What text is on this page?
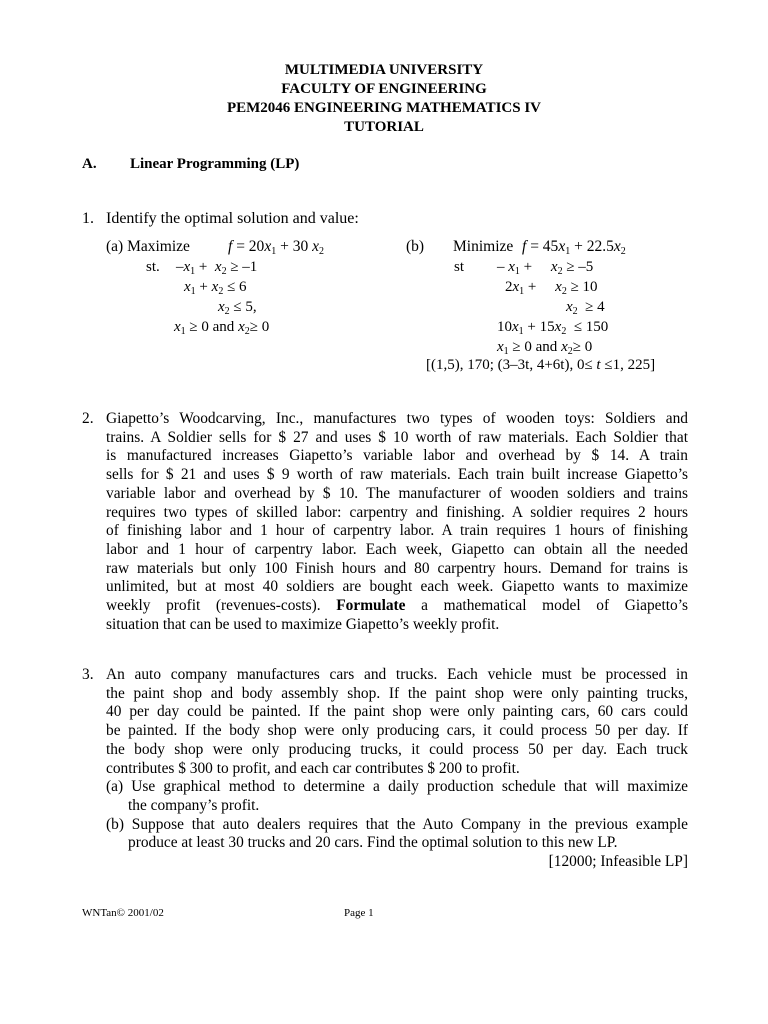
MULTIMEDIA UNIVERSITY
FACULTY OF ENGINEERING
PEM2046 ENGINEERING MATHEMATICS IV
TUTORIAL
A. Linear Programming (LP)
1. Identify the optimal solution and value:
(a) Maximize $f = 20x_1 + 30$ $x_2$
st. $-x_1 + x_2 \ge -1$
$x_1 + x_2 \le 6$
$x_2 \le 5$,
$x_1 \ge 0$ and $x_2\ge 0$
(b) Minimize $f = 45x_1 + 22.5x_2$
st – $x_1$ +     $x_2 \ge -5$
$2x_1$ +     $x_2 \ge 10$
$x_2 \ge 4$
$10x_1 + 15x_2 \le 150$
$x_1 \ge 0$ and $x_2\ge 0$
[(1,5), 170; (3–3t, 4+6t), 0≤ t ≤1, 225]
2. Giapetto’s Woodcarving, Inc., manufactures two types of wooden toys: Soldiers and
trains. A Soldier sells for $ 27 and uses $ 10 worth of raw materials. Each Soldier that
is manufactured increases Giapetto’s variable labor and overhead by $ 14. A train
sells for $ 21 and uses $ 9 worth of raw materials. Each train built increase Giapetto’s
variable labor and overhead by $ 10. The manufacturer of wooden soldiers and trains
requires two types of skilled labor: carpentry and finishing. A soldier requires 2 hours
of finishing labor and 1 hour of carpentry labor. A train requires 1 hours of finishing
labor and 1 hour of carpentry labor. Each week, Giapetto can obtain all the needed
raw materials but only 100 Finish hours and 80 carpentry hours. Demand for trains is
unlimited, but at most 40 soldiers are bought each week. Giapetto wants to maximize
weekly profit (revenues-costs). Formulate a mathematical model of Giapetto’s
situation that can be used to maximize Giapetto’s weekly profit.
3. An auto company manufactures cars and trucks. Each vehicle must be processed in
the paint shop and body assembly shop. If the paint shop were only painting trucks,
40 per day could be painted. If the paint shop were only painting cars, 60 cars could
be painted. If the body shop were only producing cars, it could process 50 per day. If
the body shop were only producing trucks, it could process 50 per day. Each truck
contributes $ 300 to profit, and each car contributes $ 200 to profit.
(a) Use graphical method to determine a daily production schedule that will maximize
the company’s profit.
(b) Suppose that auto dealers requires that the Auto Company in the previous example
produce at least 30 trucks and 20 cars. Find the optimal solution to this new LP.
[12000; Infeasible LP]
WNTan© 2001/02	Page 1
